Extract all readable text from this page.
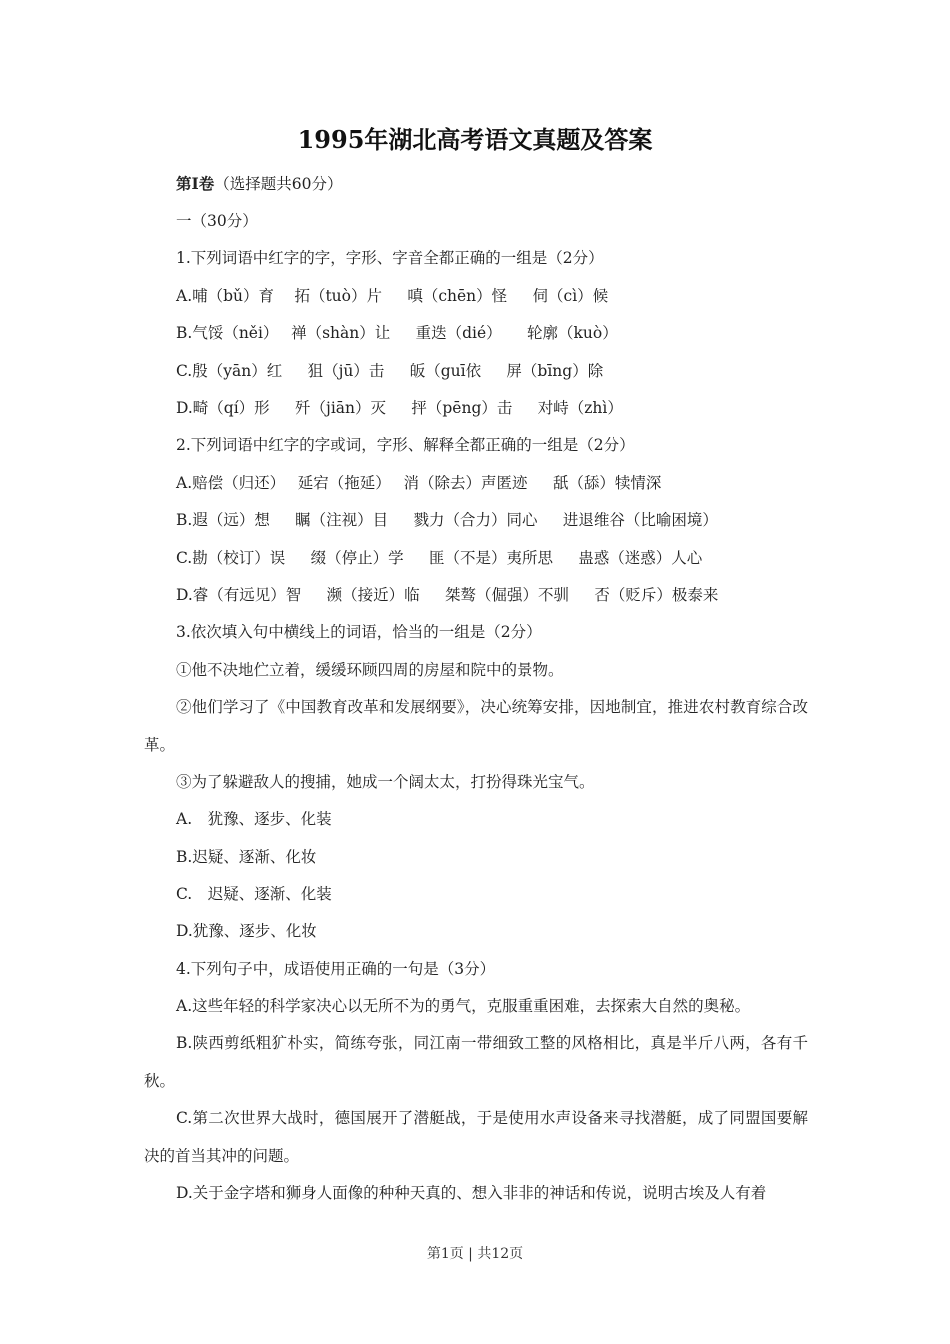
1995年湖北高考语文真题及答案
第Ⅰ卷（选择题共60分）
一（30分）
1.下列词语中红字的字，字形、字音全都正确的一组是（2分）
A.哺（bǔ）育　 拓（tuò）片 　 嗔（chēn）怪 　 伺（cì）候
B.气馁（něi）　 禅（shàn）让 　 重迭（dié） 　 轮廓（kuò）
C.殷（yān）红 　 狙（jū）击 　 皈（guī依 　 屏（bīng）除
D.畸（qí）形 　 歼（jiān）灭 　 抨（pēng）击 　 对峙（zhì）
2.下列词语中红字的字或词，字形、解释全都正确的一组是（2分）
A.赔偿（归还）　 延宕（拖延）　 消（除去）声匿迹 　 舐（舔）犊情深
B.遐（远）想 　 瞩（注视）目 　 戮力（合力）同心 　 进退维谷（比喻困境）
C.勘（校订）误 　 缀（停止）学 　 匪（不是）夷所思 　 蛊惑（迷惑）人心
D.睿（有远见）智 　 濒（接近）临 　 桀骜（倔强）不驯 　 否（贬斥）极泰来
3.依次填入句中横线上的词语，恰当的一组是（2分）
①他不决地伫立着，缓缓环顾四周的房屋和院中的景物。
②他们学习了《中国教育改革和发展纲要》，决心统筹安排，因地制宜，推进农村教育综合改革。
③为了躲避敌人的搜捕，她成一个阔太太，打扮得珠光宝气。
A.　犹豫、逐步、化装
B.迟疑、逐渐、化妆
C.　迟疑、逐渐、化装
D.犹豫、逐步、化妆
4.下列句子中，成语使用正确的一句是（3分）
A.这些年轻的科学家决心以无所不为的勇气，克服重重困难，去探索大自然的奥秘。
B.陕西剪纸粗犷朴实，简练夸张，同江南一带细致工整的风格相比，真是半斤八两，各有千秋。
C.第二次世界大战时，德国展开了潜艇战，于是使用水声设备来寻找潜艇，成了同盟国要解决的首当其冲的问题。
D.关于金字塔和狮身人面像的种种天真的、想入非非的神话和传说，说明古埃及人有着
第1页 | 共12页
